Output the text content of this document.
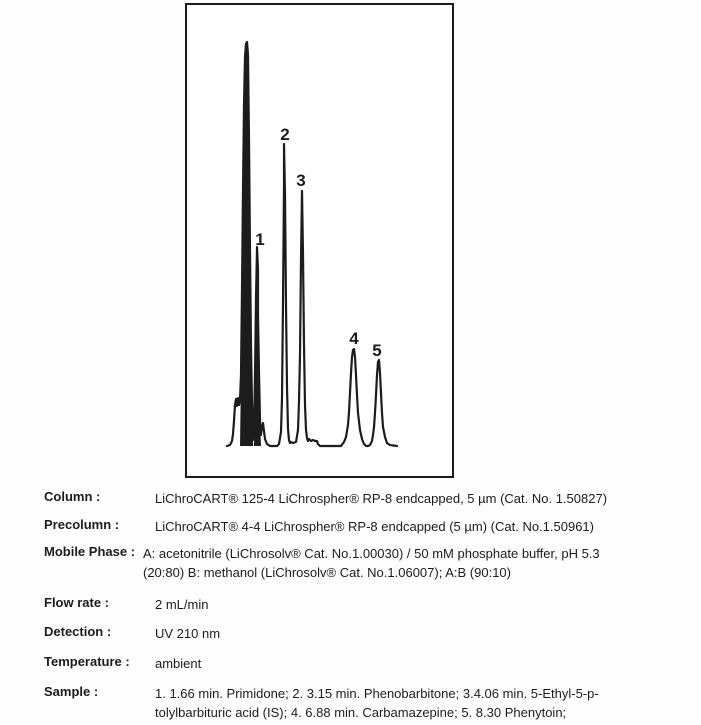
1
2
3
4
5
Column :	LiChroCART® 125-4 LiChrospher® RP-8 endcapped, 5 µm (Cat. No. 1.50827)
Precolumn :	LiChroCART® 4-4 LiChrospher® RP-8 endcapped (5 µm) (Cat. No.1.50961)
Mobile Phase : A: acetonitrile (LiChrosolv® Cat. No.1.00030) / 50 mM phosphate buffer, pH 5.3
(20:80) B: methanol (LiChrosolv® Cat. No.1.06007); A:B (90:10)
Flow rate :	2 mL/min
Detection :	UV 210 nm
Temperature : ambient
Sample :	1. 1.66 min. Primidone; 2. 3.15 min. Phenobarbitone; 3.4.06 min. 5-Ethyl-5-p-
tolylbarbituric acid (IS); 4. 6.88 min. Carbamazepine; 5. 8.30 Phenytoin;
